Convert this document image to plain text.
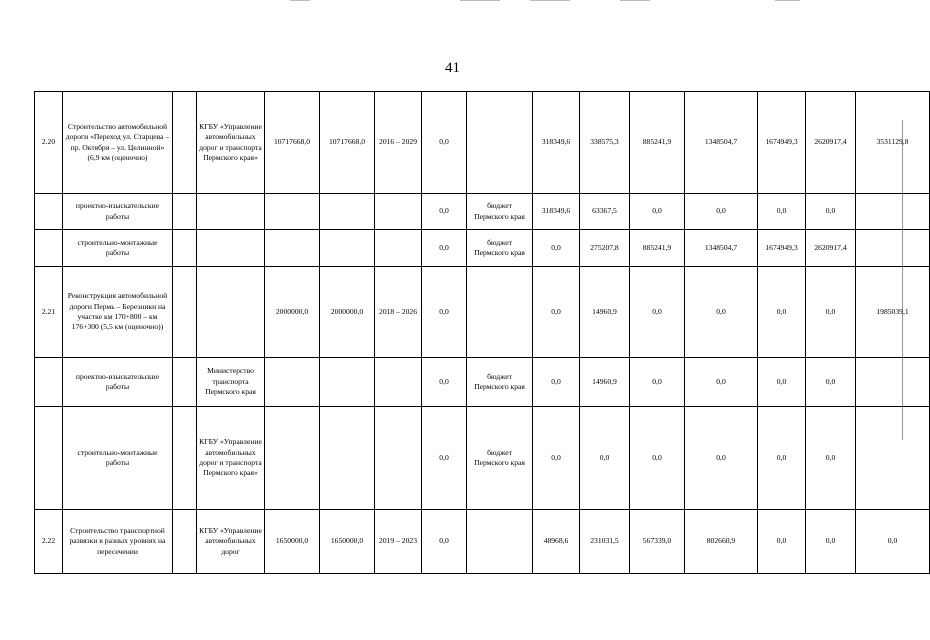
41
2.20	Строительство автомобильной дороги «Переход ул. Старцева – пр. Октября – ул. Целинной» (6,9 км (оценочно)		КГБУ «Управление автомобильных дорог и транспорта Пермского края»	10717668,0	10717668,0	2016 – 2029	0,0		318349,6	338575,3	885241,9	1348504,7	1674949,3	2620917,4	3531129,8
	проектно-изыскательские работы						0,0	бюджет Пермского края	318349,6	63367,5	0,0	0,0	0,0	0,0	
	строительно-монтажные работы						0,0	бюджет Пермского края	0,0	275207,8	885241,9	1348504,7	1674949,3	2620917,4	
2.21	Реконструкция автомобильной дороги Пермь – Березники на участке км 170+800 – км 176+300 (5,5 км (оценочно))			2000000,0	2000000,0	2018 – 2026	0,0		0,0	14960,9	0,0	0,0	0,0	0,0	1985039,1
	проектно-изыскательские работы		Министерство транспорта Пермского края				0,0	бюджет Пермского края	0,0	14960,9	0,0	0,0	0,0	0,0	
	строительно-монтажные работы		КГБУ «Управление автомобильных дорог и транспорта Пермского края»				0,0	бюджет Пермского края	0,0	0,0	0,0	0,0	0,0	0,0	
2.22	Строительство транспортной развязки в разных уровнях на пересечении		КГБУ «Управление автомобильных дорог	1650000,0	1650000,0	2019 – 2023	0,0		48968,6	231031,5	567339,0	802660,9	0,0	0,0	0,0
